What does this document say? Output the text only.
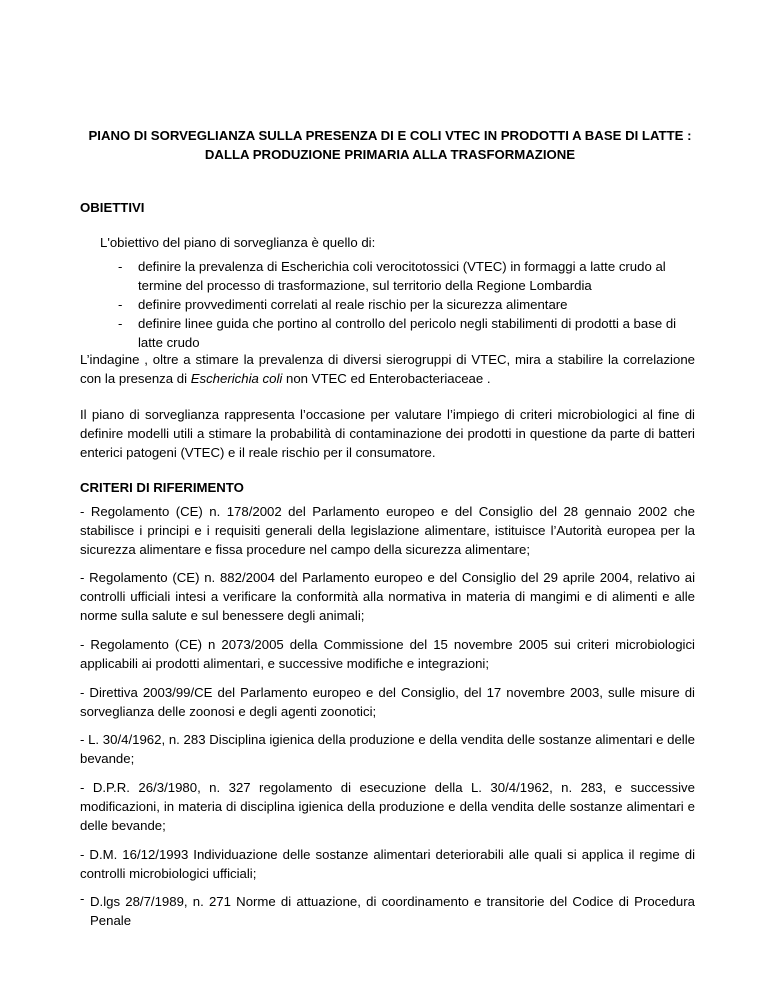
PIANO DI SORVEGLIANZA SULLA PRESENZA DI E COLI VTEC IN PRODOTTI A BASE DI LATTE :
DALLA PRODUZIONE PRIMARIA ALLA TRASFORMAZIONE
OBIETTIVI
L'obiettivo del piano di sorveglianza è quello di:
- definire la prevalenza di Escherichia coli verocitotossici (VTEC) in formaggi a latte crudo al termine del processo di trasformazione, sul territorio della Regione Lombardia
- definire provvedimenti correlati al reale rischio per la sicurezza alimentare
- definire linee guida che portino al controllo del pericolo negli stabilimenti di prodotti a base di latte crudo
L’indagine , oltre a stimare la prevalenza di diversi sierogruppi di VTEC, mira a stabilire la correlazione con la presenza di Escherichia coli non VTEC ed Enterobacteriaceae .
Il piano di sorveglianza rappresenta l’occasione per valutare l’impiego di criteri microbiologici al fine di definire modelli utili a stimare la probabilità di contaminazione dei prodotti in questione da parte di batteri enterici patogeni (VTEC) e il reale rischio per il consumatore.
CRITERI DI RIFERIMENTO
- Regolamento (CE) n. 178/2002 del Parlamento europeo e del Consiglio del 28 gennaio 2002 che stabilisce i principi e i requisiti generali della legislazione alimentare, istituisce l’Autorità europea per la sicurezza alimentare e fissa procedure nel campo della sicurezza alimentare;
- Regolamento (CE) n. 882/2004 del Parlamento europeo e del Consiglio del 29 aprile 2004, relativo ai controlli ufficiali intesi a verificare la conformità alla normativa in materia di mangimi e di alimenti e alle norme sulla salute e sul benessere degli animali;
- Regolamento (CE) n 2073/2005 della Commissione del 15 novembre 2005 sui criteri microbiologici applicabili ai prodotti alimentari, e successive modifiche e integrazioni;
- Direttiva 2003/99/CE del Parlamento europeo e del Consiglio, del 17 novembre 2003, sulle misure di sorveglianza delle zoonosi e degli agenti zoonotici;
- L. 30/4/1962, n. 283 Disciplina igienica della produzione e della vendita delle sostanze alimentari e delle bevande;
- D.P.R. 26/3/1980, n. 327 regolamento di esecuzione della L. 30/4/1962, n. 283, e successive modificazioni, in materia di disciplina igienica della produzione e della vendita delle sostanze alimentari e delle bevande;
- D.M. 16/12/1993 Individuazione delle sostanze alimentari deteriorabili alle quali si applica il regime di controlli microbiologici ufficiali;
- D.lgs 28/7/1989, n. 271 Norme di attuazione, di coordinamento e transitorie del Codice di Procedura Penale
